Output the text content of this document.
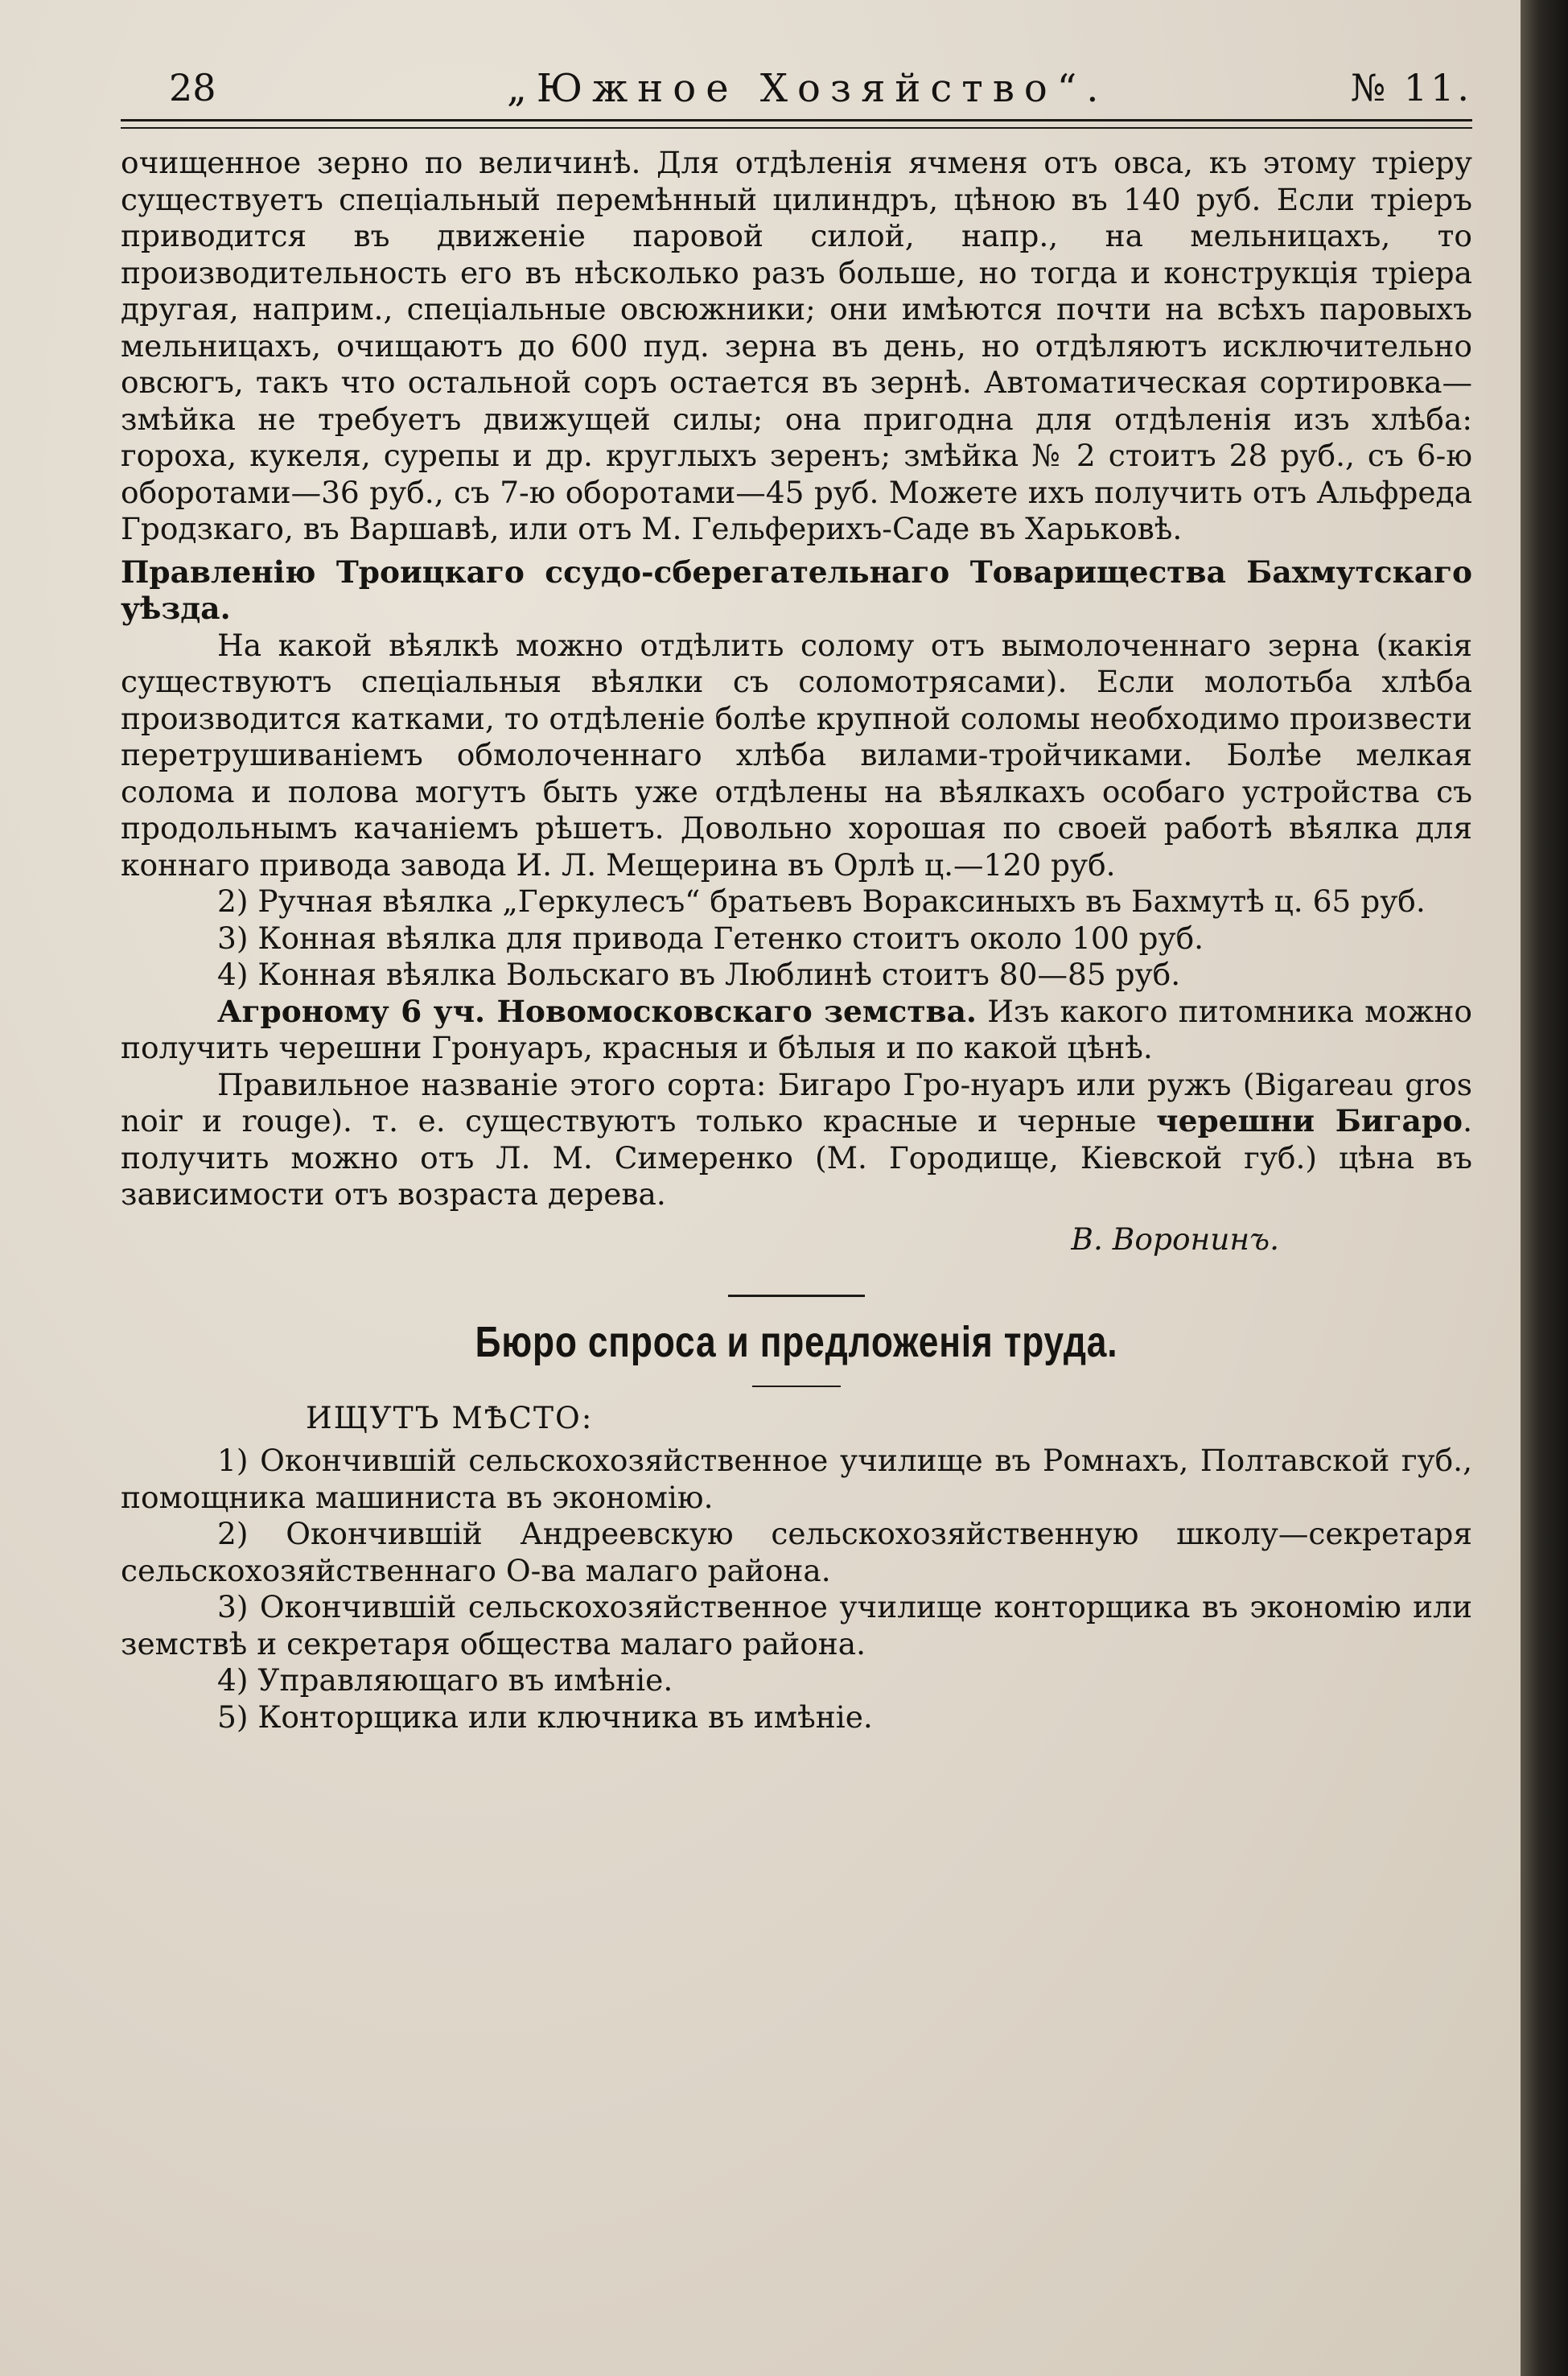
28	„Южное Хозяйство“.	№ 11.

очищенное зерно по величинѣ. Для отдѣленія ячменя отъ овса, къ этому тріеру существуетъ спеціальный перемѣнный цилиндръ, цѣною въ 140 руб. Если тріеръ приводится въ движеніе паровой силой, напр., на мельницахъ, то производительность его въ нѣсколько разъ больше, но тогда и конструкція тріера другая, наприм., спеціальные овсюжники; они имѣются почти на всѣхъ паровыхъ мельницахъ, очищаютъ до 600 пуд. зерна въ день, но отдѣляютъ исключительно овсюгъ, такъ что остальной соръ остается въ зернѣ. Автоматическая сортировка—змѣйка не требуетъ движущей силы; она пригодна для отдѣленія изъ хлѣба: гороха, кукеля, сурепы и др. круглыхъ зеренъ; змѣйка № 2 стоитъ 28 руб., съ 6-ю оборотами—36 руб., съ 7-ю оборотами—45 руб. Можете ихъ получить отъ Альфреда Гродзкаго, въ Варшавѣ, или отъ М. Гельферихъ-Саде въ Харьковѣ.

Правленію Троицкаго ссудо-сберегательнаго Товарищества Бахмутскаго уѣзда.

На какой вѣялкѣ можно отдѣлить солому отъ вымолоченнаго зерна (какія существуютъ спеціальныя вѣялки съ соломотрясами). Если молотьба хлѣба производится катками, то отдѣленіе болѣе крупной соломы необходимо произвести перетрушиваніемъ обмолоченнаго хлѣба вилами-тройчиками. Болѣе мелкая солома и полова могутъ быть уже отдѣлены на вѣялкахъ особаго устройства съ продольнымъ качаніемъ рѣшетъ. Довольно хорошая по своей работѣ вѣялка для коннаго привода завода И. Л. Мещерина въ Орлѣ ц.—120 руб.

2) Ручная вѣялка „Геркулесъ“ братьевъ Вораксиныхъ въ Бахмутѣ ц. 65 руб.

3) Конная вѣялка для привода Гетенко стоитъ около 100 руб.

4) Конная вѣялка Вольскаго въ Люблинѣ стоитъ 80—85 руб.

Агроному 6 уч. Новомосковскаго земства. Изъ какого питомника можно получить черешни Гронуаръ, красныя и бѣлыя и по какой цѣнѣ.

Правильное названіе этого сорта: Бигаро Гро-нуаръ или ружъ (Bigareau gros noir и rouge). т. е. существуютъ только красные и черные черешни Бигаро. получить можно отъ Л. М. Симеренко (М. Городище, Кіевской губ.) цѣна въ зависимости отъ возраста дерева.

В. Воронинъ.

Бюро спроса и предложенія труда.

ИЩУТЪ МѢСТО:

1) Окончившій сельскохозяйственное училище въ Ромнахъ, Полтавской губ., помощника машиниста въ экономію.

2) Окончившій Андреевскую сельскохозяйственную школу—секретаря сельскохозяйственнаго О-ва малаго района.

3) Окончившій сельскохозяйственное училище конторщика въ экономію или земствѣ и секретаря общества малаго района.

4) Управляющаго въ имѣніе.

5) Конторщика или ключника въ имѣніе.
